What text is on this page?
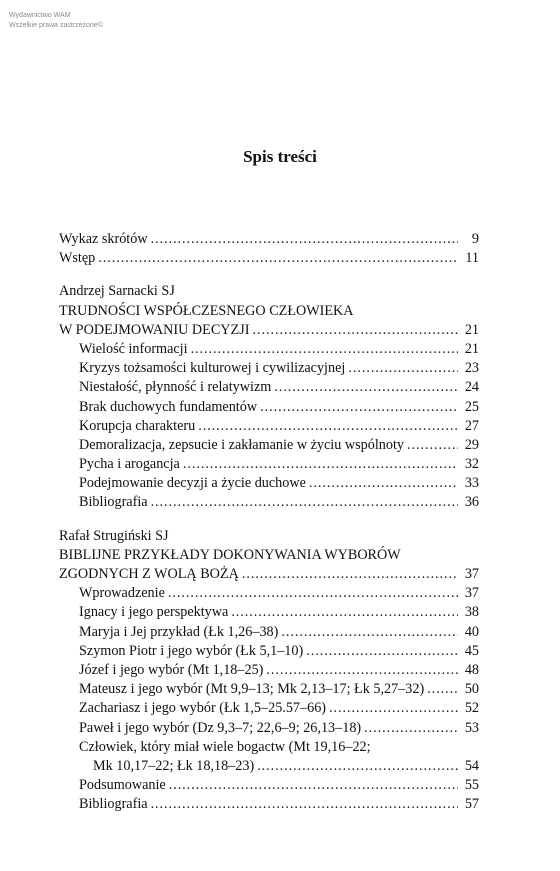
Wydawnictwo WAM
Wszelkie prawa zastrzeżone©
Spis treści
Wykaz skrótów . . .	9
Wstęp . . .	11
Andrzej Sarnacki SJ
TRUDNOŚCI WSPÓŁCZESNEGO CZŁOWIEKA
W PODEJMOWANIU DECYZJI . . .	21
Wielość informacji . . .	21
Kryzys tożsamości kulturowej i cywilizacyjnej . . .	23
Niestałość, płynność i relatywizm . . .	24
Brak duchowych fundamentów . . .	25
Korupcja charakteru . . .	27
Demoralizacja, zepsucie i zakłamanie w życiu wspólnoty . . .	29
Pycha i arogancja . . .	32
Podejmowanie decyzji a życie duchowe . . .	33
Bibliografia . . .	36
Rafał Strugiński SJ
BIBLIJNE PRZYKŁADY DOKONYWANIA WYBORÓW
ZGODNYCH Z WOLĄ BOŻĄ . . .	37
Wprowadzenie . . .	37
Ignacy i jego perspektywa . . .	38
Maryja i Jej przykład (Łk 1,26–38) . . .	40
Szymon Piotr i jego wybór (Łk 5,1–10) . . .	45
Józef i jego wybór (Mt 1,18–25) . . .	48
Mateusz i jego wybór (Mt 9,9–13; Mk 2,13–17; Łk 5,27–32) . . .	50
Zachariasz i jego wybór (Łk 1,5–25.57–66) . . .	52
Paweł i jego wybór (Dz 9,3–7; 22,6–9; 26,13–18) . . .	53
Człowiek, który miał wiele bogactw (Mt 19,16–22;
Mk 10,17–22; Łk 18,18–23) . . .	54
Podsumowanie . . .	55
Bibliografia . . .	57
